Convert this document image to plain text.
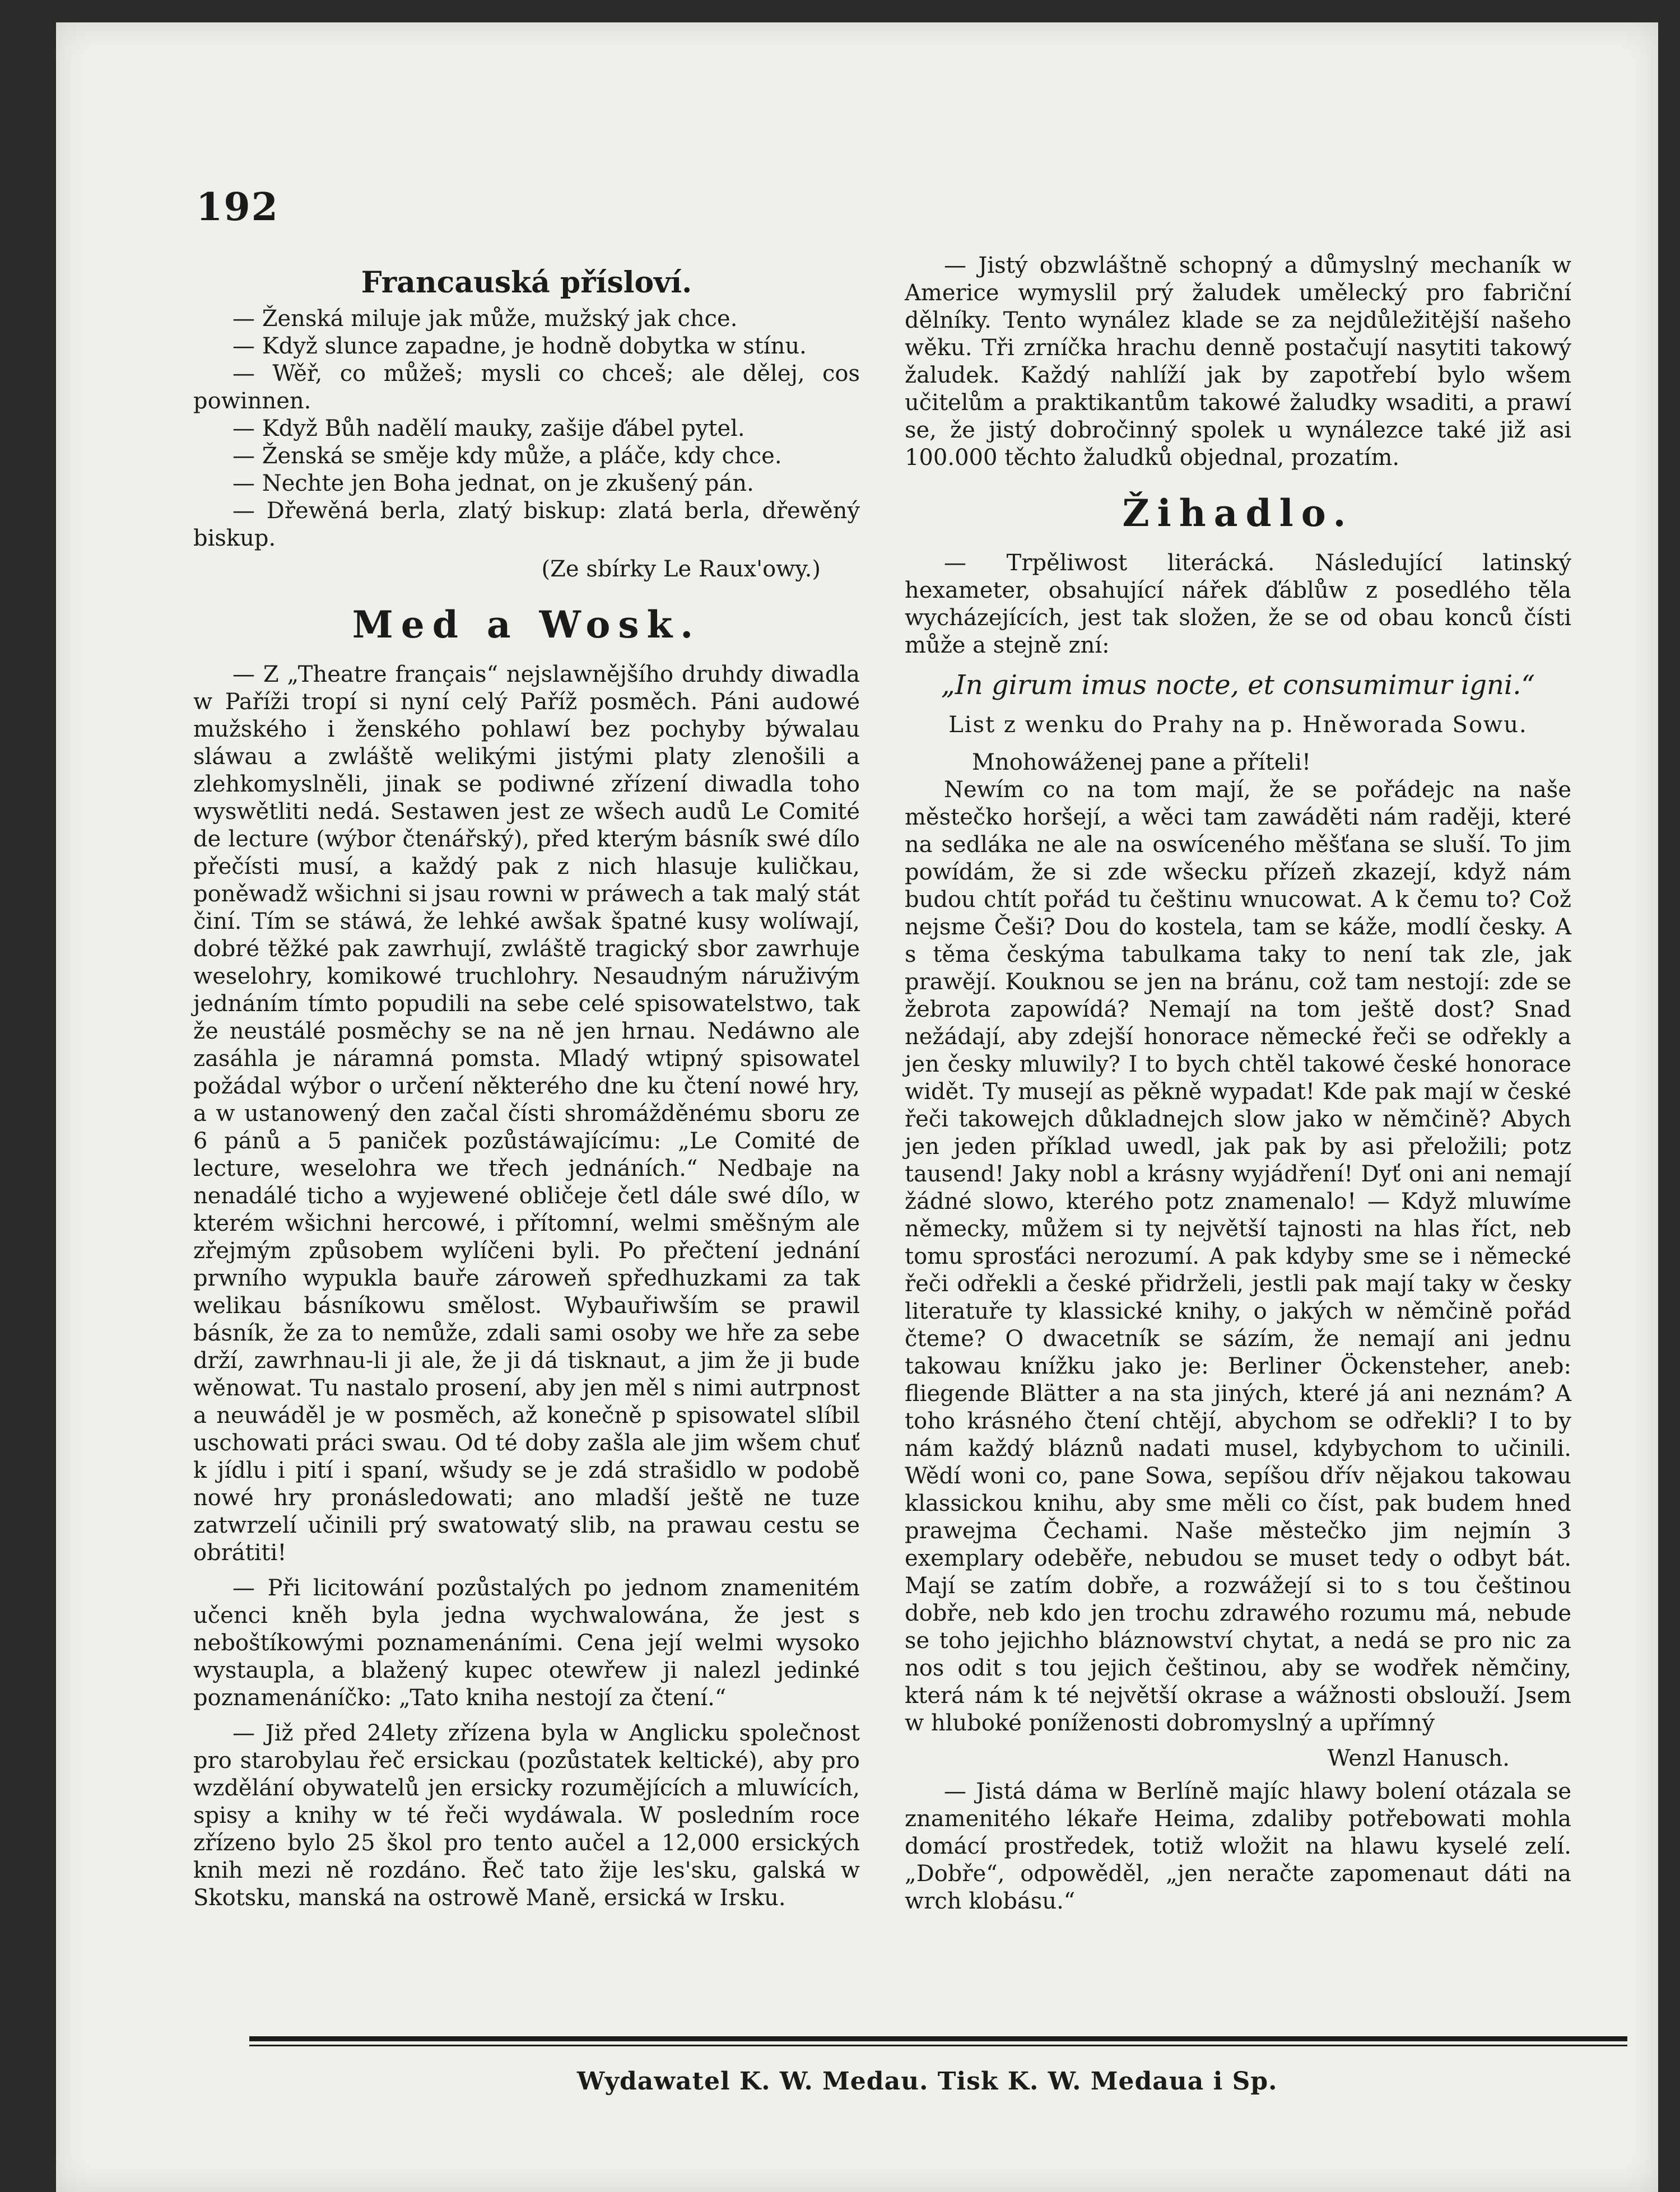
192
Francauská přísloví.

— Ženská miluje jak může, mužský jak chce.

— Když slunce zapadne, je hodně dobytka w stínu.

— Wěř, co můžeš; mysli co chceš; ale dělej, cos powinnen.

— Když Bůh nadělí mauky, zašije ďábel pytel.

— Ženská se směje kdy může, a pláče, kdy chce.

— Nechte jen Boha jednat, on je zkušený pán.

— Dřewěná berla, zlatý biskup: zlatá berla, dřewěný biskup.

(Ze sbírky Le Raux'owy.)

Med a Wosk.

— Z „Theatre français“ nejslawnějšího druhdy diwadla w Paříži tropí si nyní celý Paříž posměch. Páni audowé mužského i ženského pohlawí bez pochyby býwalau sláwau a zwláště welikými jistými platy zlenošili a zlehkomyslněli, jinak se podiwné zřízení diwadla toho wyswětliti nedá. Sestawen jest ze wšech audů Le Comité de lecture (wýbor čtenářský), před kterým básník swé dílo přečísti musí, a každý pak z nich hlasuje kuličkau, poněwadž wšichni si jsau rowni w práwech a tak malý stát činí. Tím se stáwá, že lehké awšak špatné kusy wolíwají, dobré těžké pak zawrhují, zwláště tragický sbor zawrhuje weselohry, komikowé truchlohry. Nesaudným náruživým jednáním tímto popudili na sebe celé spisowatelstwo, tak že neustálé posměchy se na ně jen hrnau. Nedáwno ale zasáhla je náramná pomsta. Mladý wtipný spisowatel požádal wýbor o určení některého dne ku čtení nowé hry, a w ustanowený den začal čísti shromážděnému sboru ze 6 pánů a 5 paniček pozůstáwajícímu: „Le Comité de lecture, weselohra we třech jednáních.“ Nedbaje na nenadálé ticho a wyjewené obličeje četl dále swé dílo, w kterém wšichni hercowé, i přítomní, welmi směšným ale zřejmým způsobem wylíčeni byli. Po přečtení jednání prwního wypukla bauře zároweň spředhuzkami za tak welikau básníkowu smělost. Wybauřiwším se prawil básník, že za to nemůže, zdali sami osoby we hře za sebe drží, zawrhnau-li ji ale, že ji dá tisknaut, a jim že ji bude wěnowat. Tu nastalo prosení, aby jen měl s nimi autrpnost a neuwáděl je w posměch, až konečně p spisowatel slíbil uschowati práci swau. Od té doby zašla ale jim wšem chuť k jídlu i pití i spaní, wšudy se je zdá strašidlo w podobě nowé hry pronásledowati; ano mladší ještě ne tuze zatwrzelí učinili prý swatowatý slib, na prawau cestu se obrátiti!

— Při licitowání pozůstalých po jednom znamenitém učenci kněh byla jedna wychwalowána, že jest s neboštíkowými poznamenáními. Cena její welmi wysoko wystaupla, a blažený kupec otewřew ji nalezl jedinké poznamenáníčko: „Tato kniha nestojí za čtení.“

— Již před 24lety zřízena byla w Anglicku společnost pro starobylau řeč ersickau (pozůstatek keltické), aby pro wzdělání obywatelů jen ersicky rozumějících a mluwících, spisy a knihy w té řeči wydáwala. W posledním roce zřízeno bylo 25 škol pro tento aučel a 12,000 ersických knih mezi ně rozdáno. Řeč tato žije les'sku, galská w Skotsku, manská na ostrowě Maně, ersická w Irsku.

— Jistý obzwláštně schopný a důmyslný mechaník w Americe wymyslil prý žaludek umělecký pro fabriční dělníky. Tento wynález klade se za nejdůležitější našeho wěku. Tři zrníčka hrachu denně postačují nasytiti takowý žaludek. Každý nahlíží jak by zapotřebí bylo wšem učitelům a praktikantům takowé žaludky wsaditi, a prawí se, že jistý dobročinný spolek u wynálezce také již asi 100.000 těchto žaludků objednal, prozatím.

Žihadlo.

— Trpěliwost literácká. Následující latinský hexameter, obsahující nářek ďáblůw z posedlého těla wycházejících, jest tak složen, že se od obau konců čísti může a stejně zní:

„In girum imus nocte, et consumimur igni.“

List z wenku do Prahy na p. Hněworada Sowu.

Mnohowáženej pane a příteli!

Newím co na tom mají, že se pořádejc na naše městečko horšejí, a wěci tam zawáděti nám raději, které na sedláka ne ale na oswíceného měšťana se sluší. To jim powídám, že si zde wšecku přízeň zkazejí, když nám budou chtít pořád tu češtinu wnucowat. A k čemu to? Což nejsme Češi? Dou do kostela, tam se káže, modlí česky. A s těma českýma tabulkama taky to není tak zle, jak prawějí. Kouknou se jen na bránu, což tam nestojí: zde se žebrota zapowídá? Nemají na tom ještě dost? Snad nežádají, aby zdejší honorace německé řeči se odřekly a jen česky mluwily? I to bych chtěl takowé české honorace widět. Ty musejí as pěkně wypadat! Kde pak mají w české řeči takowejch důkladnejch slow jako w němčině? Abych jen jeden příklad uwedl, jak pak by asi přeložili; potz tausend! Jaky nobl a krásny wyjádření! Dyť oni ani nemají žádné slowo, kterého potz znamenalo! — Když mluwíme německy, můžem si ty největší tajnosti na hlas říct, neb tomu sprosťáci nerozumí. A pak kdyby sme se i německé řeči odřekli a české přidrželi, jestli pak mají taky w česky literatuře ty klassické knihy, o jakých w němčině pořád čteme? O dwacetník se sázím, že nemají ani jednu takowau knížku jako je: Berliner Öckensteher, aneb: fliegende Blätter a na sta jiných, které já ani neznám? A toho krásného čtení chtějí, abychom se odřekli? I to by nám každý bláznů nadati musel, kdybychom to učinili. Wědí woni co, pane Sowa, sepíšou dřív nějakou takowau klassickou knihu, aby sme měli co číst, pak budem hned prawejma Čechami. Naše městečko jim nejmín 3 exemplary odeběře, nebudou se muset tedy o odbyt bát. Mají se zatím dobře, a rozwážejí si to s tou češtinou dobře, neb kdo jen trochu zdrawého rozumu má, nebude se toho jejichho bláznowství chytat, a nedá se pro nic za nos odit s tou jejich češtinou, aby se wodřek němčiny, která nám k té největší okrase a wážnosti obslouží. Jsem w hluboké poníženosti dobromyslný a upřímný

Wenzl Hanusch.

— Jistá dáma w Berlíně majíc hlawy bolení otázala se znamenitého lékaře Heima, zdaliby potřebowati mohla domácí prostředek, totiž wložit na hlawu kyselé zelí. „Dobře“, odpowěděl, „jen neračte zapomenaut dáti na wrch klobásu.“

Wydawatel K. W. Medau. Tisk K. W. Medaua i Sp.
